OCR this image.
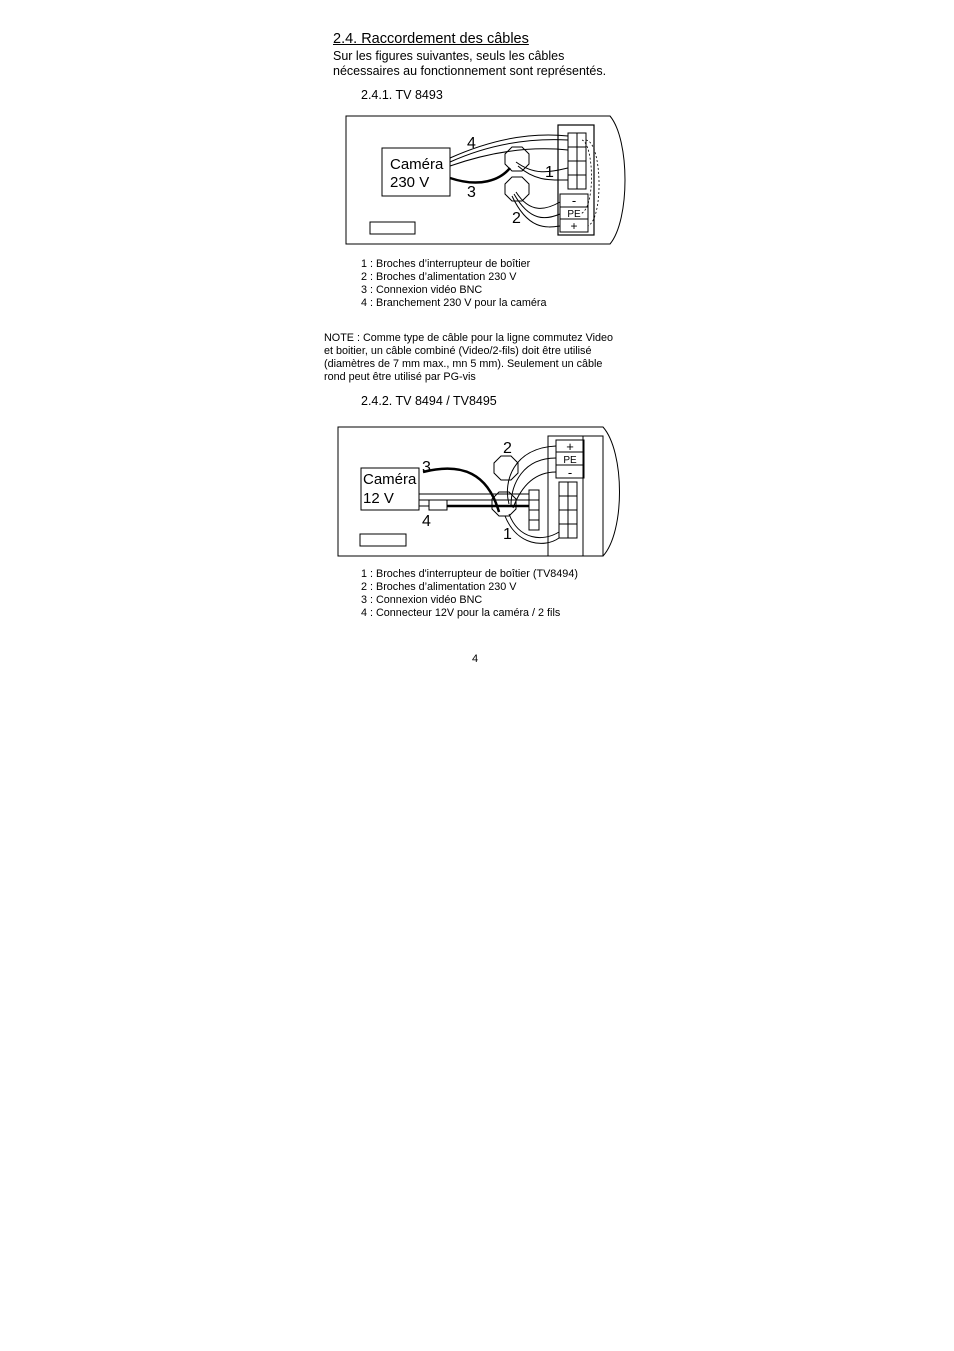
2.4. Raccordement des câbles
Sur les figures suivantes, seuls les câbles
nécessaires au fonctionnement sont représentés.
2.4.1. TV 8493
-
PE
+
Caméra
230 V
4
1
3
2
1 : Broches d’interrupteur de boîtier
2 : Broches d’alimentation 230 V
3 : Connexion vidéo BNC
4 : Branchement 230 V pour la caméra
NOTE : Comme type de câble pour la ligne commutez Video
et boitier, un câble combiné (Video/2-fils) doit être utilisé
(diamètres de 7 mm max., mn 5 mm). Seulement un câble
rond peut être utilisé par PG-vis
2.4.2. TV 8494 / TV8495
+
PE
-
Caméra
12 V
2
3
4
1
1 : Broches d'interrupteur de boîtier (TV8494)
2 : Broches d’alimentation 230 V
3 : Connexion vidéo BNC
4 : Connecteur 12V pour la caméra / 2 fils
4
